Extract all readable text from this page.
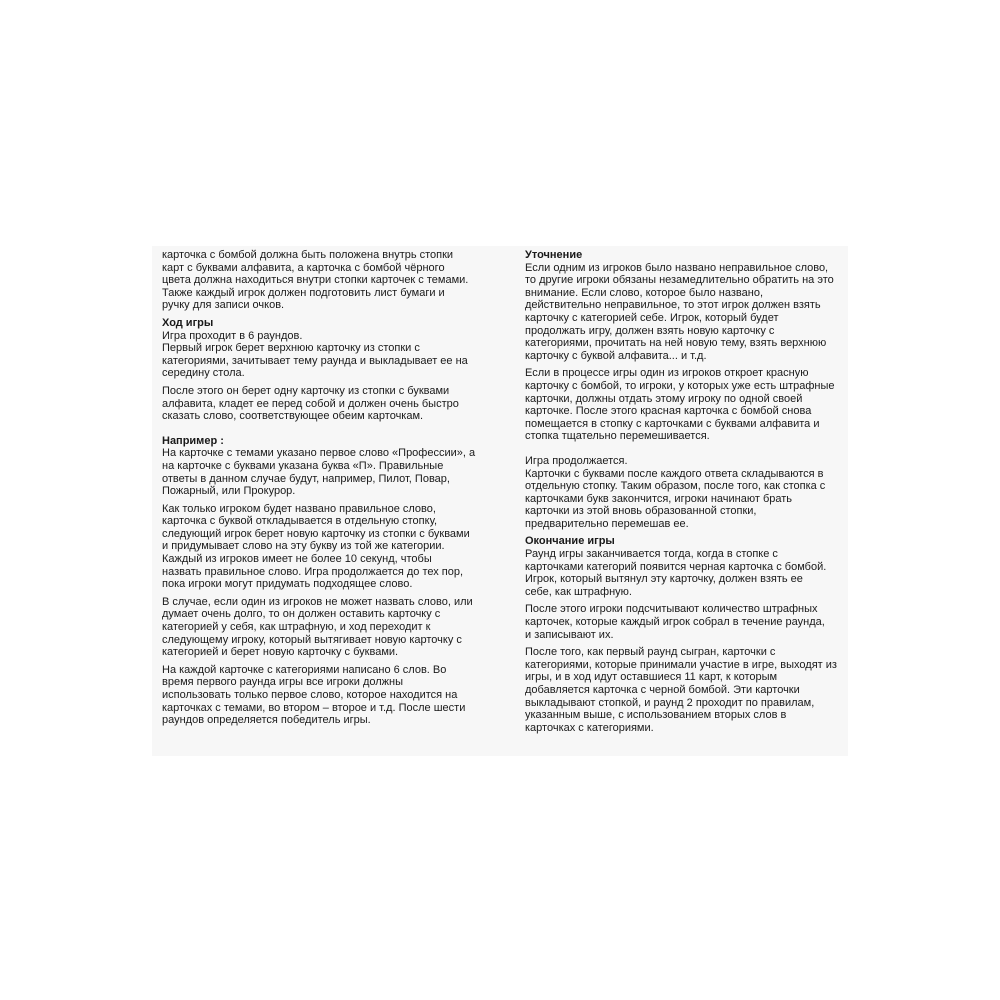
карточка с бомбой должна быть положена внутрь стопки
карт с буквами алфавита, а карточка с бомбой чёрного
цвета должна находиться внутри стопки карточек с темами.
Также каждый игрок должен подготовить лист бумаги и
ручку для записи очков.
Ход игры
Игра проходит в 6 раундов.
Первый игрок берет верхнюю карточку из стопки с
категориями, зачитывает тему раунда и выкладывает ее на
середину стола.
После этого он берет одну карточку из стопки с буквами
алфавита, кладет ее перед собой и должен очень быстро
сказать слово, соответствующее обеим карточкам.
Например :
На карточке с темами указано первое слово «Профессии», а
на карточке с буквами указана буква «П». Правильные
ответы в данном случае будут, например, Пилот, Повар,
Пожарный, или Прокурор.
Как только игроком будет названо правильное слово,
карточка с буквой откладывается в отдельную стопку,
следующий игрок берет новую карточку из стопки с буквами
и придумывает слово на эту букву из той же категории.
Каждый из игроков имеет не более 10 секунд, чтобы
назвать правильное слово. Игра продолжается до тех пор,
пока игроки могут придумать подходящее слово.
В случае, если один из игроков не может назвать слово, или
думает очень долго, то он должен оставить карточку с
категорией у себя, как штрафную, и ход переходит к
следующему игроку, который вытягивает новую карточку с
категорией и берет новую карточку с буквами.
На каждой карточке с категориями написано 6 слов. Во
время первого раунда игры все игроки должны
использовать только первое слово, которое находится на
карточках с темами, во втором – второе и т.д. После шести
раундов определяется победитель игры.
Уточнение
Если одним из игроков было названо неправильное слово,
то другие игроки обязаны незамедлительно обратить на это
внимание. Если слово, которое было названо,
действительно неправильное, то этот игрок должен взять
карточку с категорией себе. Игрок, который будет
продолжать игру, должен взять новую карточку с
категориями, прочитать на ней новую тему, взять верхнюю
карточку с буквой алфавита... и т.д.
Если в процессе игры один из игроков откроет красную
карточку с бомбой, то игроки, у которых уже есть штрафные
карточки, должны отдать этому игроку по одной своей
карточке. После этого красная карточка с бомбой снова
помещается в стопку с карточками с буквами алфавита и
стопка тщательно перемешивается.
Игра продолжается.
Карточки с буквами после каждого ответа складываются в
отдельную стопку. Таким образом, после того, как стопка с
карточками букв закончится, игроки начинают брать
карточки из этой вновь образованной стопки,
предварительно перемешав ее.
Окончание игры
Раунд игры заканчивается тогда, когда в стопке с
карточками категорий появится черная карточка с бомбой.
Игрок, который вытянул эту карточку, должен взять ее
себе, как штрафную.
После этого игроки подсчитывают количество штрафных
карточек, которые каждый игрок собрал в течение раунда,
и записывают их.
После того, как первый раунд сыгран, карточки с
категориями, которые принимали участие в игре, выходят из
игры, и в ход идут оставшиеся 11 карт, к которым
добавляется карточка с черной бомбой. Эти карточки
выкладывают стопкой, и раунд 2 проходит по правилам,
указанным выше, с использованием вторых слов в
карточках с категориями.
